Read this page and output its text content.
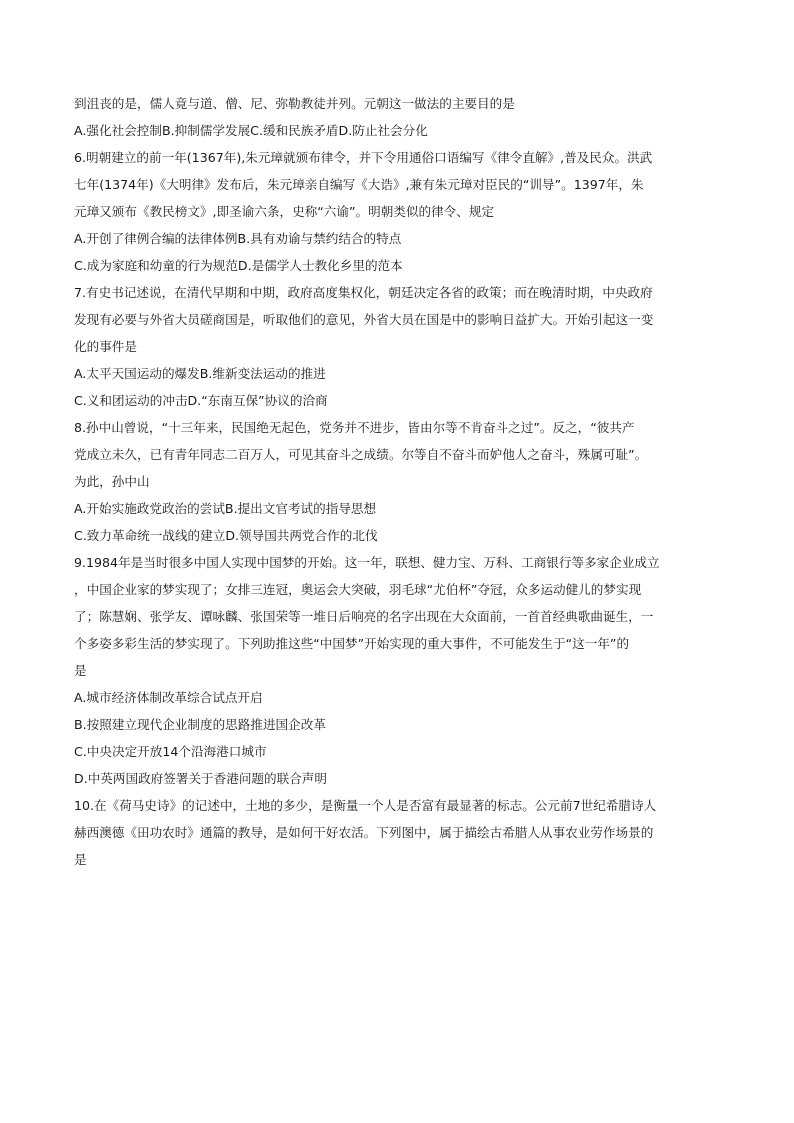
到沮丧的是，儒人竟与道、僧、尼、弥勒教徒并列。元朝这一做法的主要目的是

A.强化社会控制B.抑制儒学发展C.缓和民族矛盾D.防止社会分化

6.明朝建立的前一年(1367年),朱元璋就颁布律令，并下令用通俗口语编写《律令直解》,普及民众。洪武

七年(1374年)《大明律》发布后，朱元璋亲自编写《大诰》,兼有朱元璋对臣民的“训导”。1397年，朱

元璋又颁布《教民榜文》,即圣谕六条，史称“六谕”。明朝类似的律令、规定

A.开创了律例合编的法律体例B.具有劝谕与禁约结合的特点

C.成为家庭和幼童的行为规范D.是儒学人士教化乡里的范本

7.有史书记述说，在清代早期和中期，政府高度集权化，朝廷决定各省的政策；而在晚清时期，中央政府

发现有必要与外省大员磋商国是，听取他们的意见，外省大员在国是中的影响日益扩大。开始引起这一变

化的事件是

A.太平天国运动的爆发B.维新变法运动的推进

C.义和团运动的冲击D.“东南互保”协议的洽商

8.孙中山曾说，“十三年来，民国绝无起色，党务并不进步，皆由尔等不肯奋斗之过”。反之，“彼共产

党成立未久，已有青年同志二百万人，可见其奋斗之成绩。尔等自不奋斗而妒他人之奋斗，殊属可耻”。

为此，孙中山

A.开始实施政党政治的尝试B.提出文官考试的指导思想

C.致力革命统一战线的建立D.领导国共两党合作的北伐

9.1984年是当时很多中国人实现中国梦的开始。这一年，联想、健力宝、万科、工商银行等多家企业成立

，中国企业家的梦实现了；女排三连冠，奥运会大突破，羽毛球“尤伯杯”夺冠，众多运动健儿的梦实现

了；陈慧娴、张学友、谭咏麟、张国荣等一堆日后响亮的名字出现在大众面前，一首首经典歌曲诞生，一

个多姿多彩生活的梦实现了。下列助推这些“中国梦”开始实现的重大事件，不可能发生于“这一年”的

是

A.城市经济体制改革综合试点开启

B.按照建立现代企业制度的思路推进国企改革

C.中央决定开放14个沿海港口城市

D.中英两国政府签署关于香港问题的联合声明

10.在《荷马史诗》的记述中，土地的多少，是衡量一个人是否富有最显著的标志。公元前7世纪希腊诗人

赫西澳德《田功农时》通篇的教导，是如何干好农活。下列图中，属于描绘古希腊人从事农业劳作场景的

是
